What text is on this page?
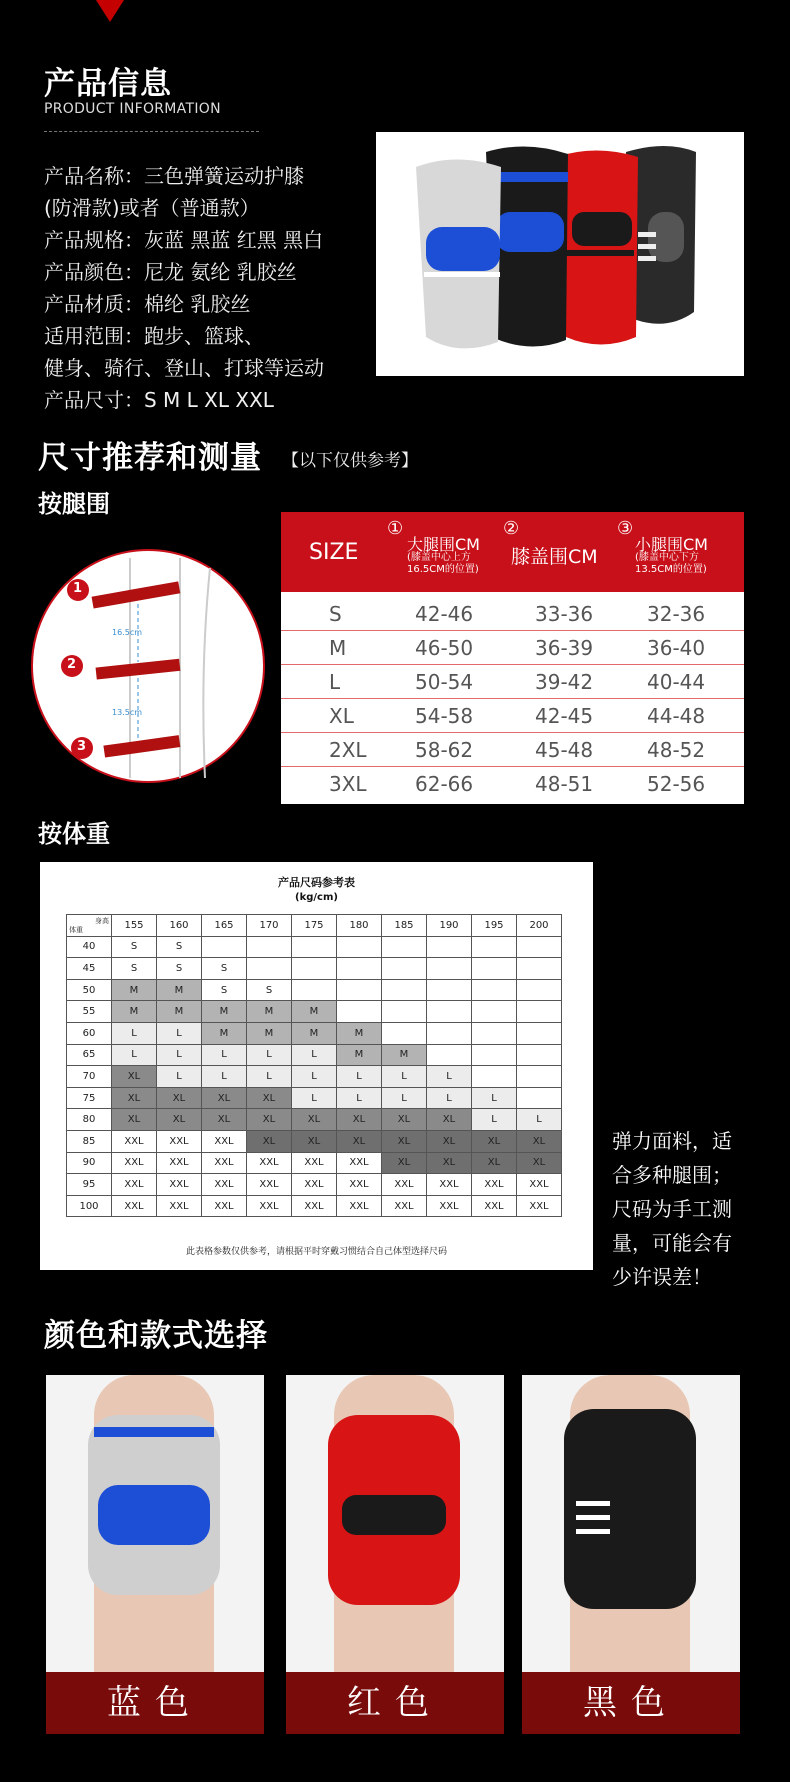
产品信息
PRODUCT INFORMATION
产品名称：三色弹簧运动护膝
(防滑款)或者（普通款）
产品规格：灰蓝 黑蓝 红黑 黑白
产品颜色：尼龙 氨纶 乳胶丝
产品材质：棉纶 乳胶丝
适用范围：跑步、篮球、
健身、骑行、登山、打球等运动
产品尺寸：S M L XL XXL
尺寸推荐和测量 【以下仅供参考】
按腿围
1
2
3
16.5cm
13.5cm
SIZE
①
大腿围CM
(膝盖中心上方16.5CM的位置)
②
膝盖围CM
③
小腿围CM
(膝盖中心下方13.5CM的位置)
S	42-46	33-36	32-36
M	46-50	36-39	36-40
L	50-54	39-42	40-44
XL	54-58	42-45	44-48
2XL 58-62	45-48	48-52
3XL 62-66	48-51	52-56
按体重
产品尺码参考表
(kg/cm)
身高
体重	155	160	165	170	175	180	185	190	195	200
40	S	S								
45	S	S	S							
50	M	M	S	S						
55	M	M	M	M	M					
60	L	L	M	M	M	M				
65	L	L	L	L	L	M	M			
70	XL	L	L	L	L	L	L	L		
75	XL	XL	XL	XL	L	L	L	L	L	
80	XL	XL	XL	XL	XL	XL	XL	XL	L	L
85	XXL	XXL	XXL	XL	XL	XL	XL	XL	XL	XL
90	XXL	XXL	XXL	XXL	XXL	XXL	XL	XL	XL	XL
95	XXL	XXL	XXL	XXL	XXL	XXL	XXL	XXL	XXL	XXL
100	XXL	XXL	XXL	XXL	XXL	XXL	XXL	XXL	XXL	XXL
此表格参数仅供参考，请根据平时穿戴习惯结合自己体型选择尺码
弹力面料，适
合多种腿围；
尺码为手工测
量，可能会有
少许误差！
颜色和款式选择
蓝色	红色	黑色
